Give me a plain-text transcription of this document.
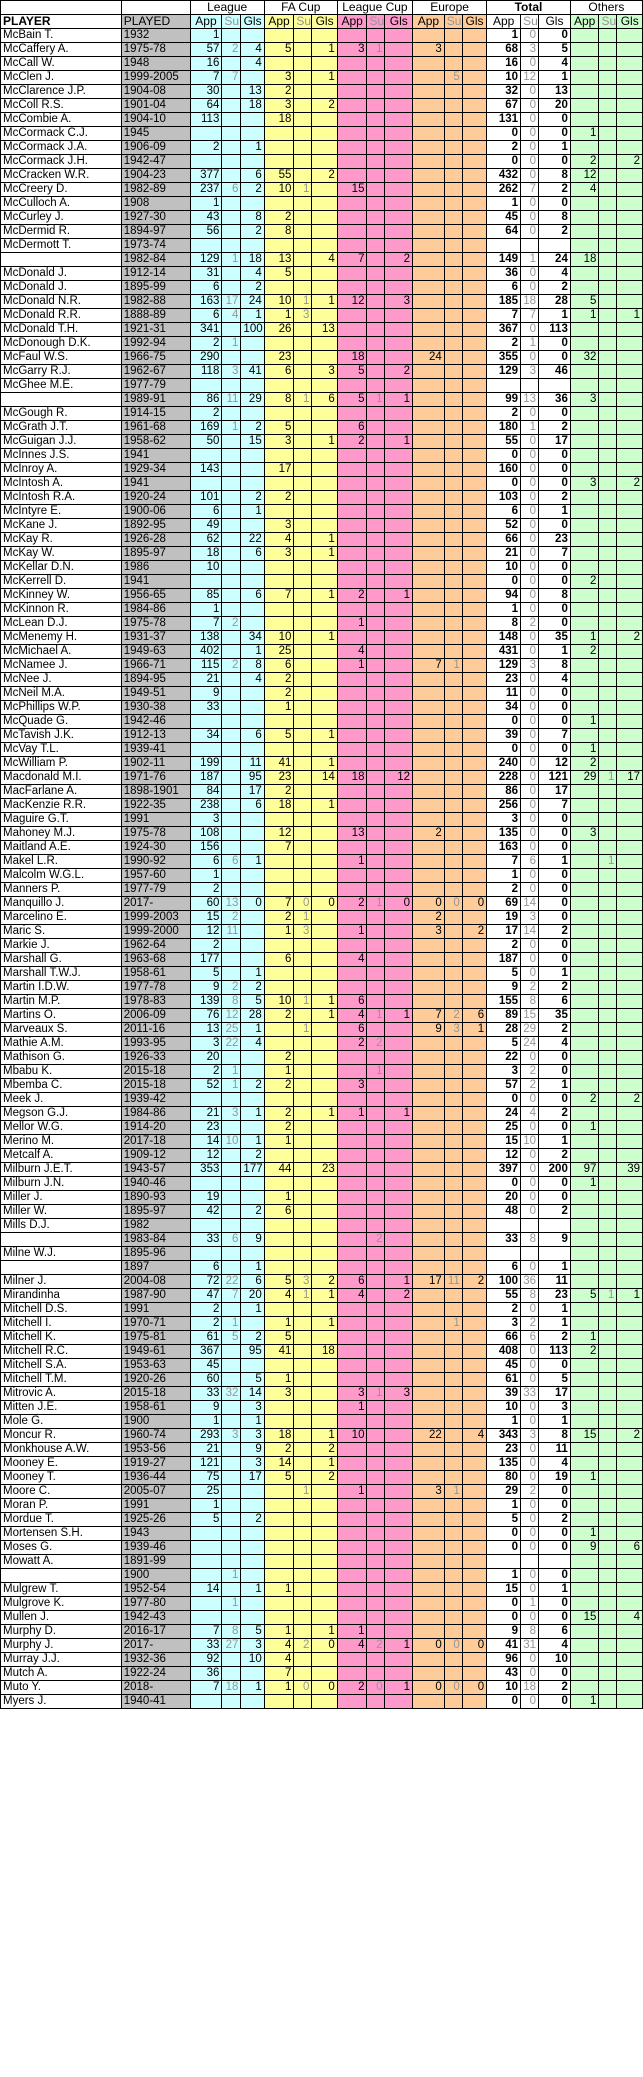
		League			FA Cup			League Cup			Europe			Total			Others		
PLAYER	PLAYED	App	Su	Gls	App	Su	Gls	App	Su	Gls	App	Su	Gls	App	Su	Gls	App	Su	Gls
McBain T.	1932	1												1	0	0			
McCaffery A.	1975-78	57	2	4	5		1	3	1		3			68	3	5			
McCall W.	1948	16		4										16	0	4			
McClen J.	1999-2005	7	7		3		1					5		10	12	1			
McClarence J.P.	1904-08	30		13	2									32	0	13			
McColl R.S.	1901-04	64		18	3		2							67	0	20			
McCombie A.	1904-10	113			18									131	0	0			
McCormack C.J.	1945													0	0	0	1		
McCormack J.A.	1906-09	2		1										2	0	1			
McCormack J.H.	1942-47													0	0	0	2		2
McCracken W.R.	1904-23	377		6	55		2							432	0	8	12		
McCreery D.	1982-89	237	6	2	10	1		15						262	7	2	4		
McCulloch A.	1908	1												1	0	0			
McCurley J.	1927-30	43		8	2									45	0	8			
McDermid R.	1894-97	56		2	8									64	0	2			
McDermott T.	1973-74																		
	1982-84	129	1	18	13		4	7		2				149	1	24	18		
McDonald J.	1912-14	31		4	5									36	0	4			
McDonald J.	1895-99	6		2										6	0	2			
McDonald N.R.	1982-88	163	17	24	10	1	1	12		3				185	18	28	5		
McDonald R.R.	1888-89	6	4	1	1	3								7	7	1	1		1
McDonald T.H.	1921-31	341		100	26		13							367	0	113			
McDonough D.K.	1992-94	2	1											2	1	0			
McFaul W.S.	1966-75	290			23			18			24			355	0	0	32		
McGarry R.J.	1962-67	118	3	41	6		3	5		2				129	3	46			
McGhee M.E.	1977-79																		
	1989-91	86	11	29	8	1	6	5	1	1				99	13	36	3		
McGough R.	1914-15	2												2	0	0			
McGrath J.T.	1961-68	169	1	2	5			6						180	1	2			
McGuigan J.J.	1958-62	50		15	3		1	2		1				55	0	17			
McInnes J.S.	1941													0	0	0			
McInroy A.	1929-34	143			17									160	0	0			
McIntosh A.	1941													0	0	0	3		2
McIntosh R.A.	1920-24	101		2	2									103	0	2			
McIntyre E.	1900-06	6		1										6	0	1			
McKane J.	1892-95	49			3									52	0	0			
McKay R.	1926-28	62		22	4		1							66	0	23			
McKay W.	1895-97	18		6	3		1							21	0	7			
McKellar D.N.	1986	10												10	0	0			
McKerrell D.	1941													0	0	0	2		
McKinney W.	1956-65	85		6	7		1	2		1				94	0	8			
McKinnon R.	1984-86	1												1	0	0			
McLean D.J.	1975-78	7	2					1						8	2	0			
McMenemy H.	1931-37	138		34	10		1							148	0	35	1		2
McMichael A.	1949-63	402		1	25			4						431	0	1	2		
McNamee J.	1966-71	115	2	8	6			1			7	1		129	3	8			
McNee J.	1894-95	21		4	2									23	0	4			
McNeil M.A.	1949-51	9			2									11	0	0			
McPhillips W.P.	1930-38	33			1									34	0	0			
McQuade G.	1942-46													0	0	0	1		
McTavish J.K.	1912-13	34		6	5		1							39	0	7			
McVay T.L.	1939-41													0	0	0	1		
McWilliam P.	1902-11	199		11	41		1							240	0	12	2		
Macdonald M.I.	1971-76	187		95	23		14	18		12				228	0	121	29	1	17
MacFarlane A.	1898-1901	84		17	2									86	0	17			
MacKenzie R.R.	1922-35	238		6	18		1							256	0	7			
Maguire G.T.	1991	3												3	0	0			
Mahoney M.J.	1975-78	108			12			13			2			135	0	0	3		
Maitland A.E.	1924-30	156			7									163	0	0			
Makel L.R.	1990-92	6	6	1				1						7	6	1		1	
Malcolm W.G.L.	1957-60	1												1	0	0			
Manners P.	1977-79	2												2	0	0			
Manquillo J.	2017-	60	13	0	7	0	0	2	1	0	0	0	0	69	14	0			
Marcelino E.	1999-2003	15	2		2	1					2			19	3	0			
Maric S.	1999-2000	12	11		1	3		1			3		2	17	14	2			
Markie J.	1962-64	2												2	0	0			
Marshall G.	1963-68	177			6			4						187	0	0			
Marshall T.W.J.	1958-61	5		1										5	0	1			
Martin I.D.W.	1977-78	9	2	2										9	2	2			
Martin M.P.	1978-83	139	8	5	10	1	1	6						155	8	6			
Martins O.	2006-09	76	12	28	2		1	4	1	1	7	2	6	89	15	35			
Marveaux S.	2011-16	13	25	1		1		6			9	3	1	28	29	2			
Mathie A.M.	1993-95	3	22	4				2	2					5	24	4			
Mathison G.	1926-33	20			2									22	0	0			
Mbabu K.	2015-18	2	1		1				1					3	2	0			
Mbemba C.	2015-18	52	1	2	2			3						57	2	1			
Meek J.	1939-42													0	0	0	2		2
Megson G.J.	1984-86	21	3	1	2		1	1		1				24	4	2			
Mellor W.G.	1914-20	23			2									25	0	0	1		
Merino M.	2017-18	14	10	1	1									15	10	1			
Metcalf A.	1909-12	12		2										12	0	2			
Milburn J.E.T.	1943-57	353		177	44		23							397	0	200	97		39
Milburn J.N.	1940-46													0	0	0	1		
Miller J.	1890-93	19			1									20	0	0			
Miller W.	1895-97	42		2	6									48	0	2			
Mills D.J.	1982																		
	1983-84	33	6	9					2					33	8	9			
Milne W.J.	1895-96																		
	1897	6		1										6	0	1			
Milner J.	2004-08	72	22	6	5	3	2	6		1	17	11	2	100	36	11			
Mirandinha	1987-90	47	7	20	4	1	1	4		2				55	8	23	5	1	1
Mitchell D.S.	1991	2		1										2	0	1			
Mitchell I.	1970-71	2	1		1		1					1		3	2	1			
Mitchell K.	1975-81	61	5	2	5									66	6	2	1		
Mitchell R.C.	1949-61	367		95	41		18							408	0	113	2		
Mitchell S.A.	1953-63	45												45	0	0			
Mitchell T.M.	1920-26	60		5	1									61	0	5			
Mitrovic A.	2015-18	33	32	14	3			3	1	3				39	33	17			
Mitten J.E.	1958-61	9		3				1						10	0	3			
Mole G.	1900	1		1										1	0	1			
Moncur R.	1960-74	293	3	3	18		1	10			22		4	343	3	8	15		2
Monkhouse A.W.	1953-56	21		9	2		2							23	0	11			
Mooney E.	1919-27	121		3	14		1							135	0	4			
Mooney T.	1936-44	75		17	5		2							80	0	19	1		
Moore C.	2005-07	25				1		1			3	1		29	2	0			
Moran P.	1991	1												1	0	0			
Mordue T.	1925-26	5		2										5	0	2			
Mortensen S.H.	1943													0	0	0	1		
Moses G.	1939-46													0	0	0	9		6
Mowatt A.	1891-99																		
	1900		1											1	0	0			
Mulgrew T.	1952-54	14		1	1									15	0	1			
Mulgrove K.	1977-80		1											0	1	0			
Mullen J.	1942-43													0	0	0	15		4
Murphy D.	2016-17	7	8	5	1		1	1						9	8	6			
Murphy J.	2017-	33	27	3	4	2	0	4	2	1	0	0	0	41	31	4			
Murray J.J.	1932-36	92		10	4									96	0	10			
Mutch A.	1922-24	36			7									43	0	0			
Muto Y.	2018-	7	18	1	1	0	0	2	0	1	0	0	0	10	18	2			
Myers J.	1940-41													0	0	0	1		
